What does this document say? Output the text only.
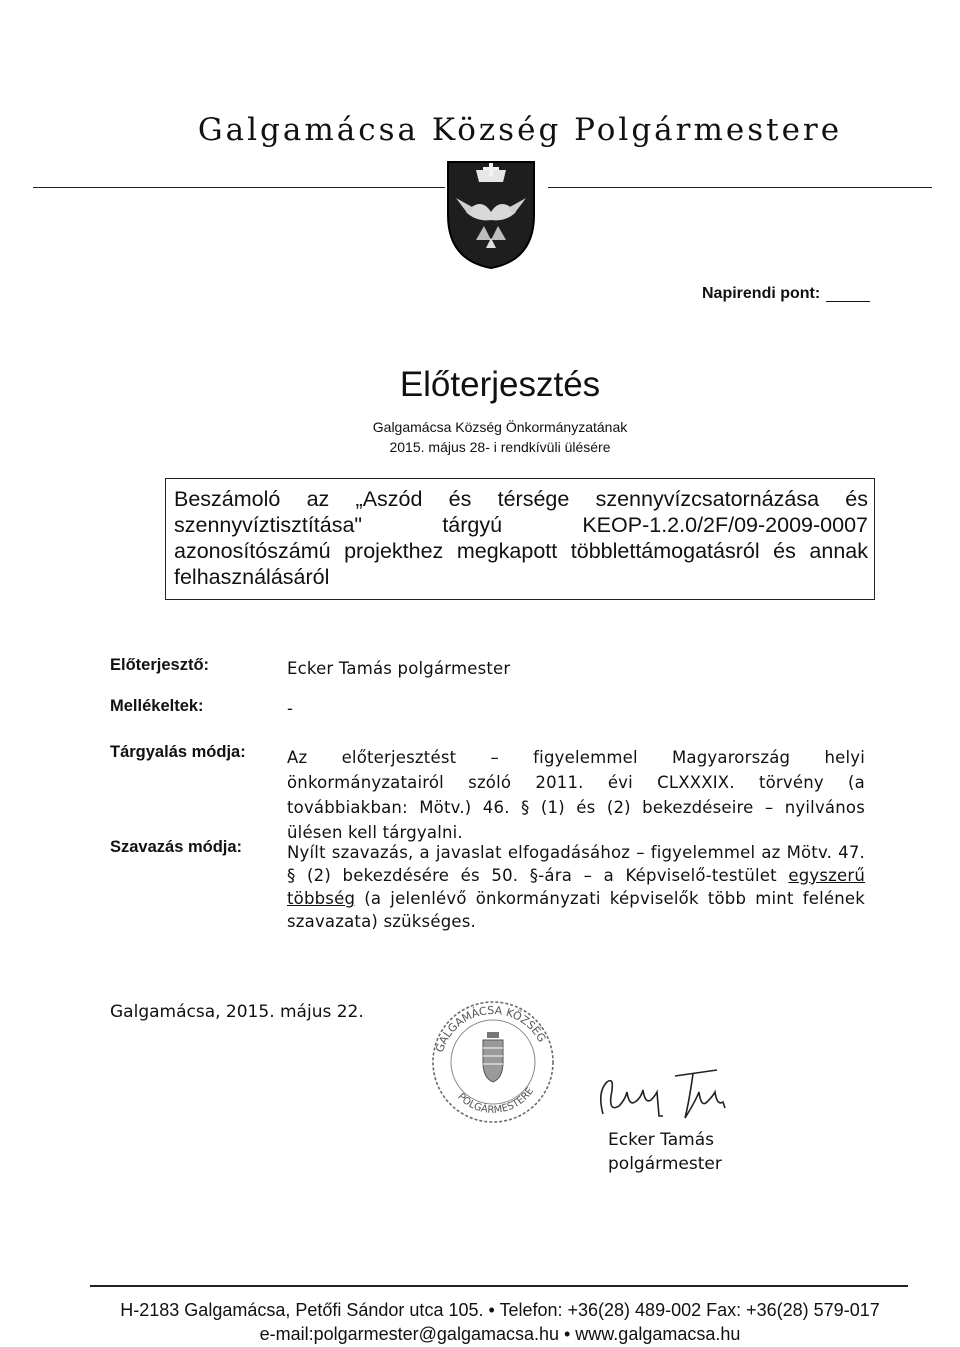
Galgamácsa Község Polgármestere
Napirendi pont:
Előterjesztés
Galgamácsa Község Önkormányzatának
2015. május 28- i rendkívüli ülésére
Beszámoló az „Aszód és térsége szennyvízcsatornázása és szennyvíztisztítása" tárgyú KEOP-1.2.0/2F/09-2009-0007 azonosítószámú projekthez megkapott többlettámogatásról és annak felhasználásáról
Előterjesztő:	Ecker Tamás polgármester
Mellékeltek:	-
Tárgyalás módja:	Az előterjesztést – figyelemmel Magyarország helyi önkormányzatairól szóló 2011. évi CLXXXIX. törvény (a továbbiakban: Mötv.) 46. § (1) és (2) bekezdéseire – nyilvános ülésen kell tárgyalni.
Szavazás módja:	Nyílt szavazás, a javaslat elfogadásához – figyelemmel az Mötv. 47. § (2) bekezdésére és 50. §-ára – a Képviselő-testület egyszerű többség (a jelenlévő önkormányzati képviselők több mint felének szavazata) szükséges.
Galgamácsa, 2015. május 22.
GALGAMÁCSA KÖZSÉG
POLGÁRMESTERE
Ecker Tamás
polgármester
H-2183 Galgamácsa, Petőfi Sándor utca 105. • Telefon: +36(28) 489-002 Fax: +36(28) 579-017
e-mail:polgarmester@galgamacsa.hu • www.galgamacsa.hu
